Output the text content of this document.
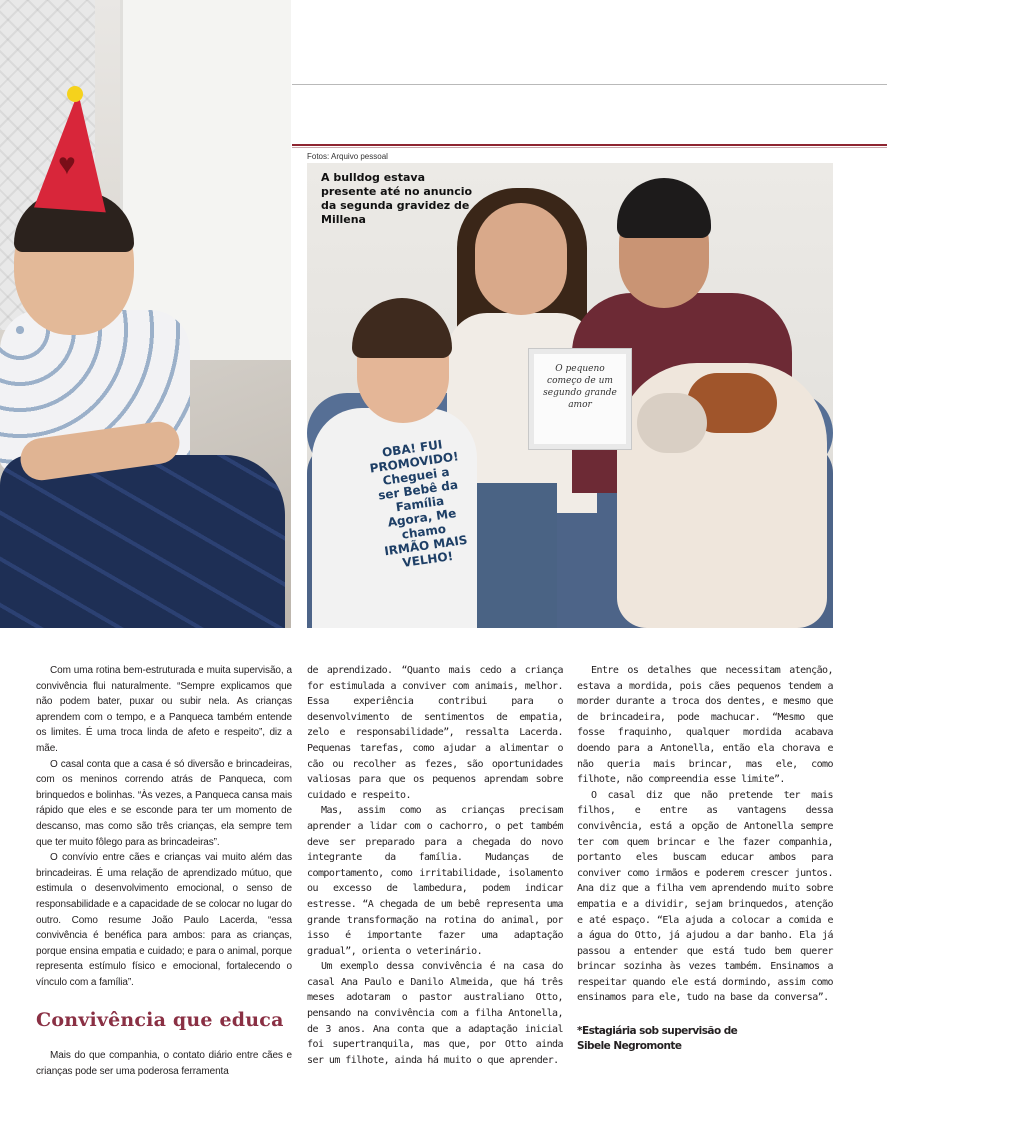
♥	Fotos: Arquivo pessoal
OBA! FUI PROMOVIDO! Cheguei a ser Bebê da Família Agora, Me chamo IRMÃO MAIS VELHO!
O pequeno começo de um segundo grande amor
A bulldog estava presente até no anuncio da segunda gravidez de Millena

Com uma rotina bem-estruturada e muita supervisão, a convivência flui naturalmente. “Sempre explicamos que não podem bater, puxar ou subir nela. As crianças aprendem com o tempo, e a Panqueca também entende os limites. É uma troca linda de afeto e respeito”, diz a mãe.

O casal conta que a casa é só diversão e brincadeiras, com os meninos correndo atrás de Panqueca, com brinquedos e bolinhas. “Às vezes, a Panqueca cansa mais rápido que eles e se esconde para ter um momento de descanso, mas como são três crianças, ela sempre tem que ter muito fôlego para as brincadeiras”.

O convívio entre cães e crianças vai muito além das brincadeiras. É uma relação de aprendizado mútuo, que estimula o desenvolvimento emocional, o senso de responsabilidade e a capacidade de se colocar no lugar do outro. Como resume João Paulo Lacerda, “essa convivência é benéfica para ambos: para as crianças, porque ensina empatia e cuidado; e para o animal, porque representa estímulo físico e emocional, fortalecendo o vínculo com a família”.

Convivência que educa

Mais do que companhia, o contato diário entre cães e crianças pode ser uma poderosa ferramenta

de aprendizado. “Quanto mais cedo a criança for estimulada a conviver com animais, melhor. Essa experiência contribui para o desenvolvimento de sentimentos de empatia, zelo e responsabilidade”, ressalta Lacerda. Pequenas tarefas, como ajudar a alimentar o cão ou recolher as fezes, são oportunidades valiosas para que os pequenos aprendam sobre cuidado e respeito.

Mas, assim como as crianças precisam aprender a lidar com o cachorro, o pet também deve ser preparado para a chegada do novo integrante da família. Mudanças de comportamento, como irritabilidade, isolamento ou excesso de lambedura, podem indicar estresse. “A chegada de um bebê representa uma grande transformação na rotina do animal, por isso é importante fazer uma adaptação gradual”, orienta o veterinário.

Um exemplo dessa convivência é na casa do casal Ana Paulo e Danilo Almeida, que há três meses adotaram o pastor australiano Otto, pensando na convivência com a filha Antonella, de 3 anos. Ana conta que a adaptação inicial foi supertranquila, mas que, por Otto ainda ser um filhote, ainda há muito o que aprender.

Entre os detalhes que necessitam atenção, estava a mordida, pois cães pequenos tendem a morder durante a troca dos dentes, e mesmo que de brincadeira, pode machucar. “Mesmo que fosse fraquinho, qualquer mordida acabava doendo para a Antonella, então ela chorava e não queria mais brincar, mas ele, como filhote, não compreendia esse limite”.

O casal diz que não pretende ter mais filhos, e entre as vantagens dessa convivência, está a opção de Antonella sempre ter com quem brincar e lhe fazer companhia, portanto eles buscam educar ambos para conviver como irmãos e poderem crescer juntos. Ana diz que a filha vem aprendendo muito sobre empatia e a dividir, sejam brinquedos, atenção e até espaço. “Ela ajuda a colocar a comida e a água do Otto, já ajudou a dar banho. Ela já passou a entender que está tudo bem querer brincar sozinha às vezes também. Ensinamos a respeitar quando ele está dormindo, assim como ensinamos para ele, tudo na base da conversa”.

*Estagiária sob supervisão de
Sibele Negromonte
